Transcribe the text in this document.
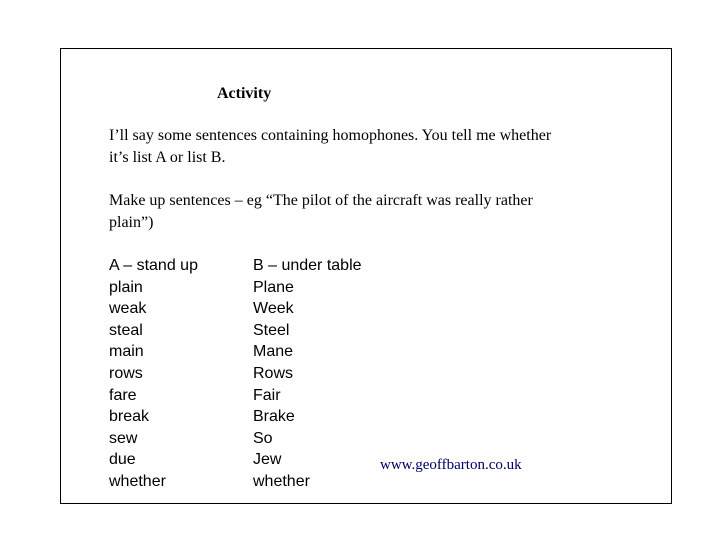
Activity
I’ll say some sentences containing homophones. You tell me whether
it’s list A or list B.
Make up sentences – eg “The pilot of the aircraft was really rather
plain”)
A – stand up
plain
weak
steal
main
rows
fare
break
sew
due
whether
B – under table
Plane
Week
Steel
Mane
Rows
Fair
Brake
So
Jew
whether
www.geoffbarton.co.uk
